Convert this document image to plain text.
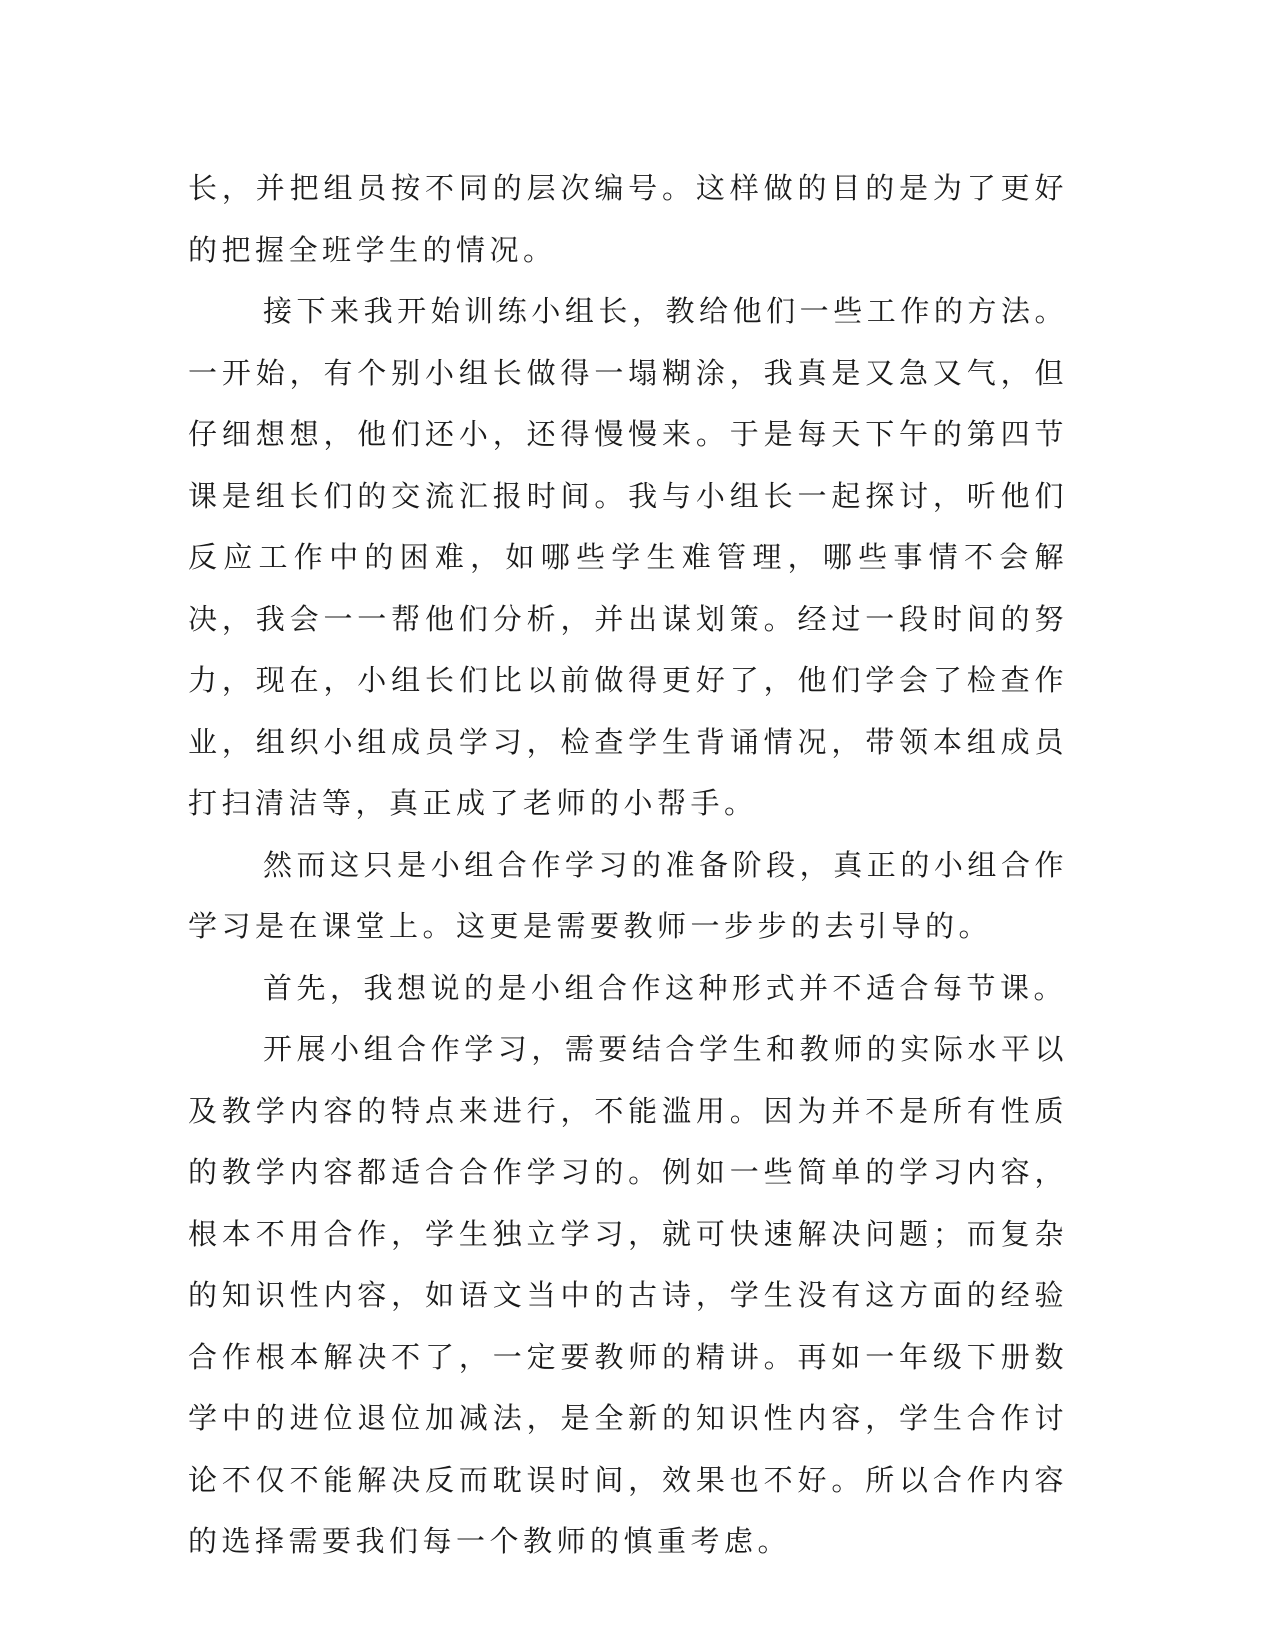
长，并把组员按不同的层次编号。这样做的目的是为了更好的把握全班学生的情况。

接下来我开始训练小组长，教给他们一些工作的方法。一开始，有个别小组长做得一塌糊涂，我真是又急又气，但仔细想想，他们还小，还得慢慢来。于是每天下午的第四节课是组长们的交流汇报时间。我与小组长一起探讨，听他们反应工作中的困难，如哪些学生难管理，哪些事情不会解决，我会一一帮他们分析，并出谋划策。经过一段时间的努力，现在，小组长们比以前做得更好了，他们学会了检查作业，组织小组成员学习，检查学生背诵情况，带领本组成员打扫清洁等，真正成了老师的小帮手。

然而这只是小组合作学习的准备阶段，真正的小组合作学习是在课堂上。这更是需要教师一步步的去引导的。

首先，我想说的是小组合作这种形式并不适合每节课。

开展小组合作学习，需要结合学生和教师的实际水平以及教学内容的特点来进行，不能滥用。因为并不是所有性质的教学内容都适合合作学习的。例如一些简单的学习内容，根本不用合作，学生独立学习，就可快速解决问题；而复杂的知识性内容，如语文当中的古诗，学生没有这方面的经验合作根本解决不了，一定要教师的精讲。再如一年级下册数学中的进位退位加减法，是全新的知识性内容，学生合作讨论不仅不能解决反而耽误时间，效果也不好。所以合作内容的选择需要我们每一个教师的慎重考虑。
